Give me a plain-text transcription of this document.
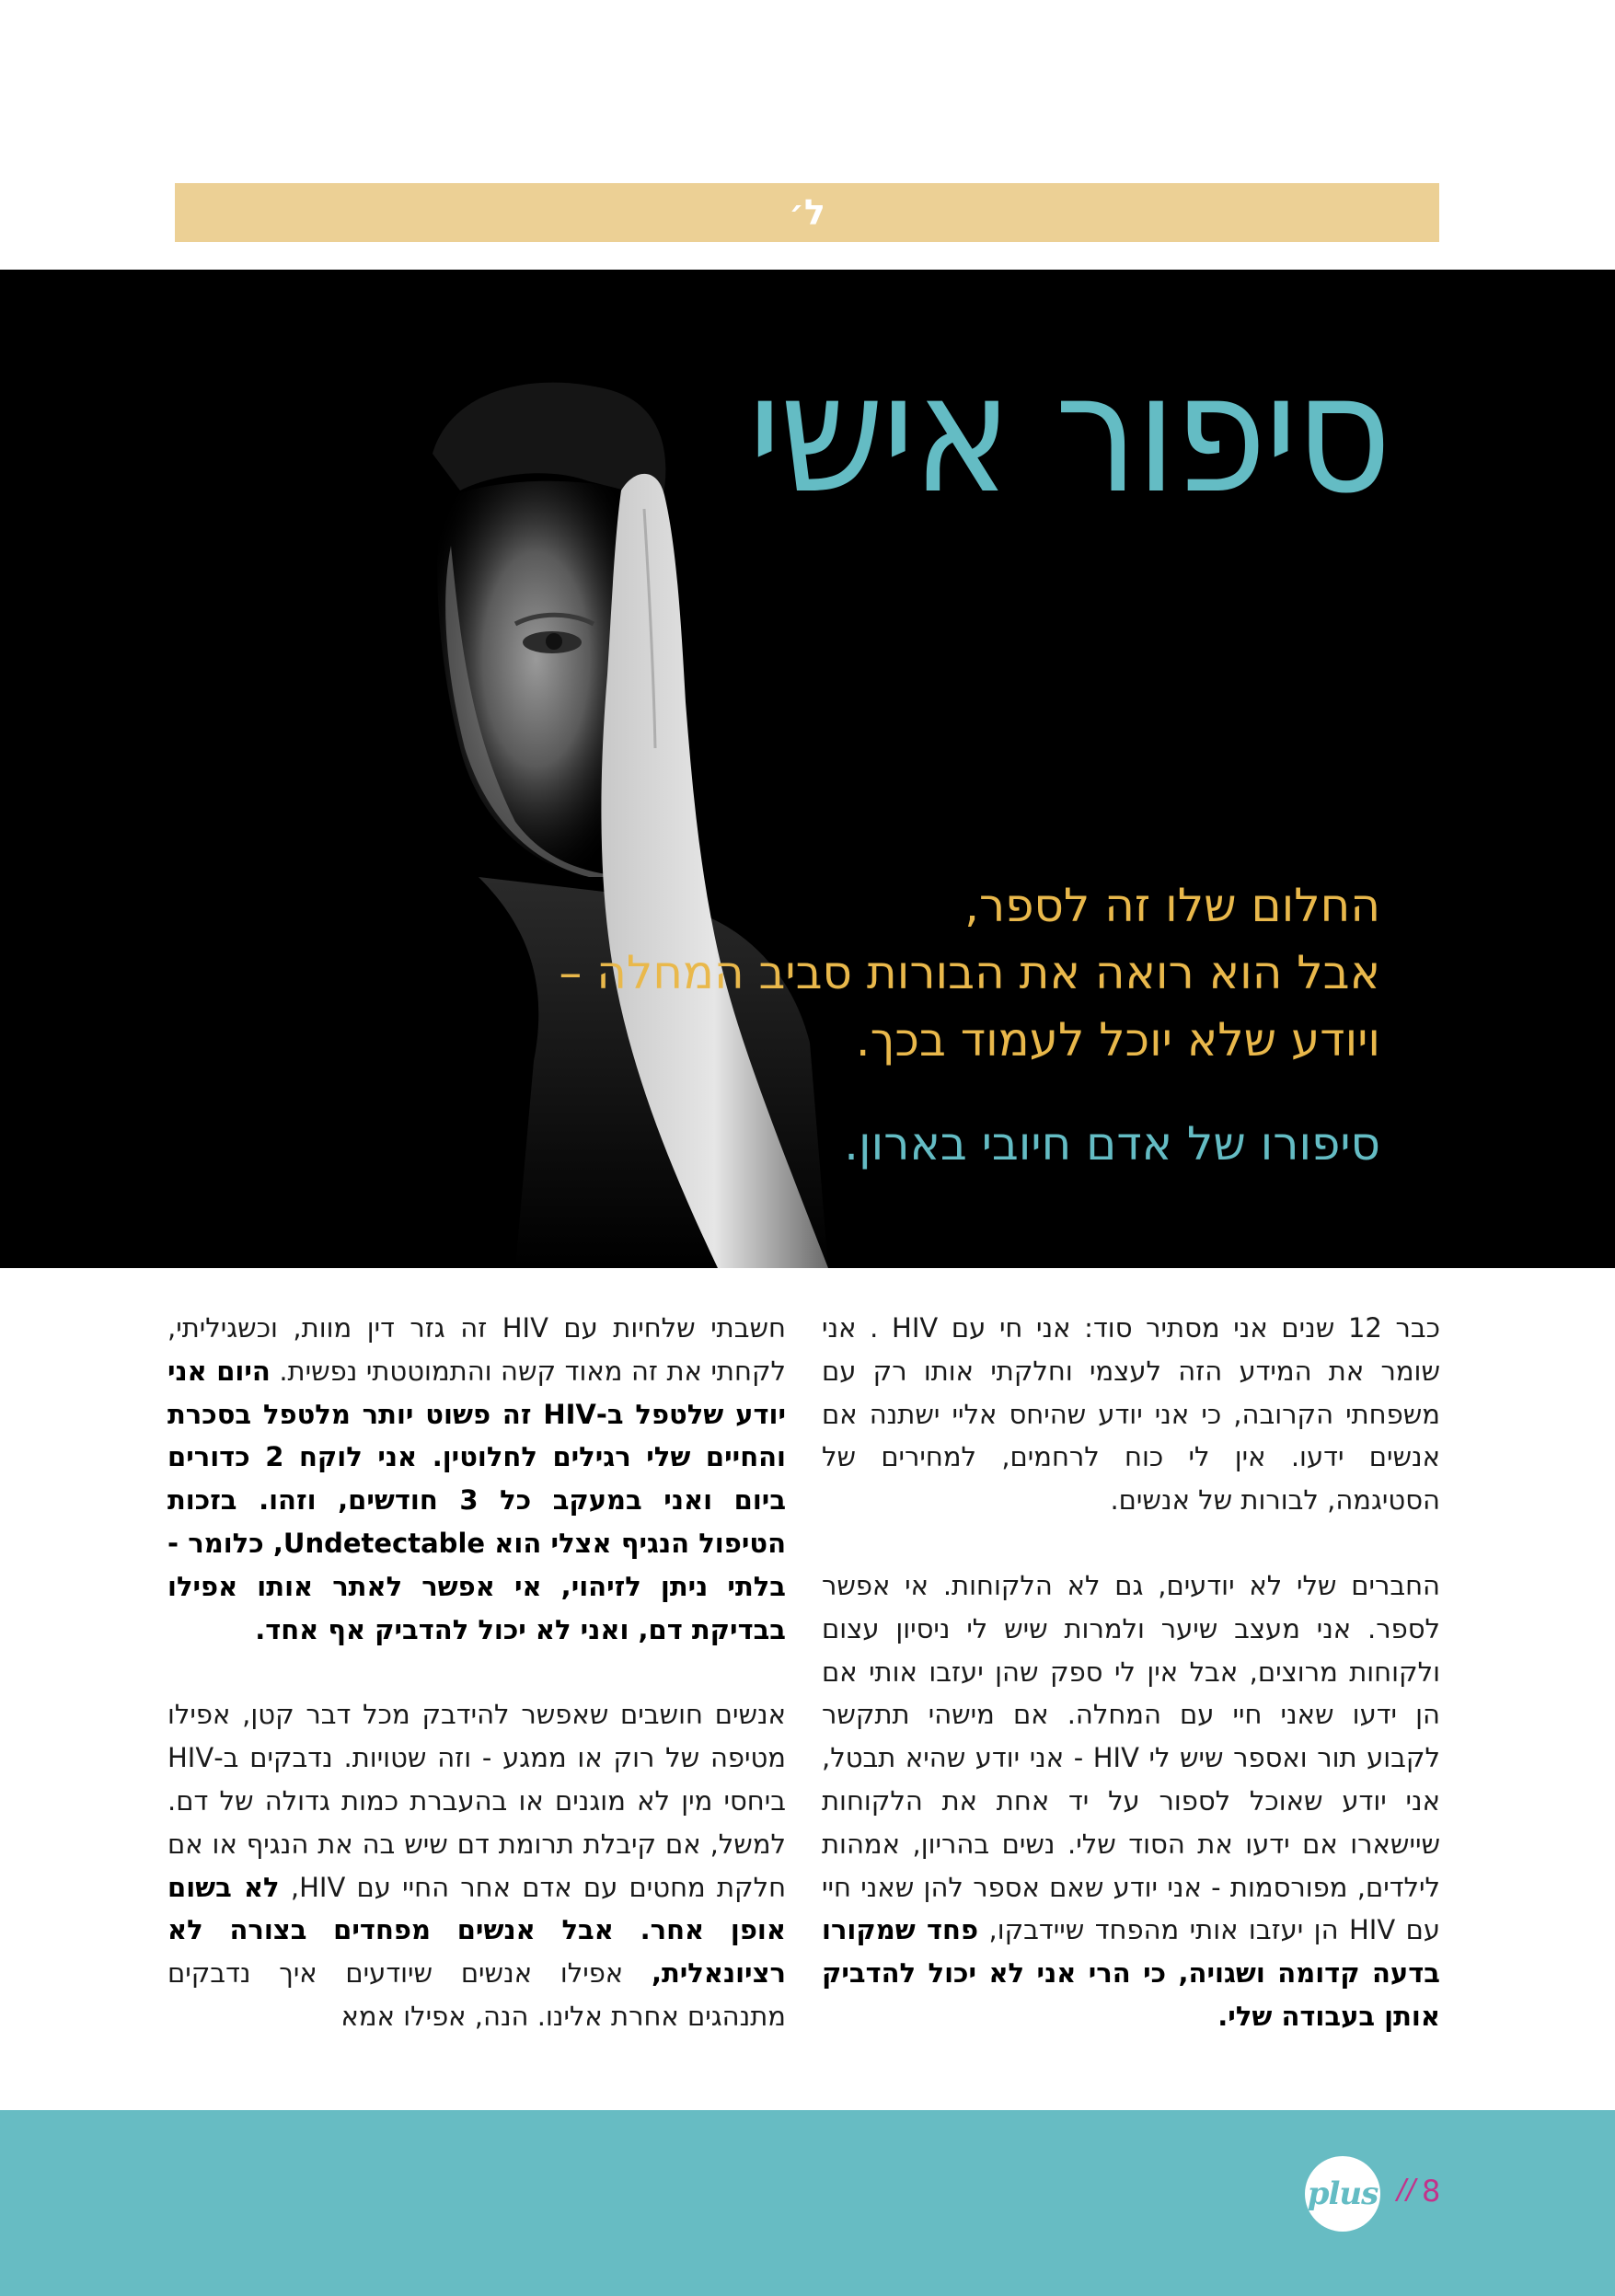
ל׳
סיפור אישי
החלום שלו זה לספר,
אבל הוא רואה את הבורות סביב המחלה –
ויודע שלא יוכל לעמוד בכך.
סיפורו של אדם חיובי בארון.

כבר 12 שנים אני מסתיר סוד: אני חי עם HIV . אני שומר את המידע הזה לעצמי וחלקתי אותו רק עם משפחתי הקרובה, כי אני יודע שהיחס אליי ישתנה אם אנשים ידעו. אין לי כוח לרחמים, למחירים של הסטיגמה, לבורות של אנשים.

החברים שלי לא יודעים, גם לא הלקוחות. אי אפשר לספר. אני מעצב שיער ולמרות שיש לי ניסיון עצום ולקוחות מרוצים, אבל אין לי ספק שהן יעזבו אותי אם הן ידעו שאני חיי עם המחלה. אם מישהי תתקשר לקבוע תור ואספר שיש לי HIV - אני יודע שהיא תבטל, אני יודע שאוכל לספור על יד אחת את הלקוחות שיישארו אם ידעו את הסוד שלי. נשים בהריון, אמהות לילדים, מפורסמות - אני יודע שאם אספר להן שאני חיי עם HIV הן יעזבו אותי מהפחד שיידבקו, פחד שמקורו בדעה קדומה ושגויה, כי הרי אני לא יכול להדביק אותן בעבודה שלי.

חשבתי שלחיות עם HIV זה גזר דין מוות, וכשגיליתי, לקחתי את זה מאוד קשה והתמוטטתי נפשית. היום אני יודע שלטפל ב-HIV זה פשוט יותר מלטפל בסכרת והחיים שלי רגילים לחלוטין. אני לוקח 2 כדורים ביום ואני במעקב כל 3 חודשים, וזהו. בזכות הטיפול הנגיף אצלי הוא Undetectable, כלומר - בלתי ניתן לזיהוי, אי אפשר לאתר אותו אפילו בבדיקת דם, ואני לא יכול להדביק אף אחד.

אנשים חושבים שאפשר להידבק מכל דבר קטן, אפילו מטיפה של רוק או ממגע - וזה שטויות. נדבקים ב-HIV ביחסי מין לא מוגנים או בהעברת כמות גדולה של דם. למשל, אם קיבלת תרומת דם שיש בה את הנגיף או אם חלקת מחטים עם אדם אחר החיי עם HIV, לא בשום אופן אחר. אבל אנשים מפחדים בצורה לא רציונאלית, אפילו אנשים שיודעים איך נדבקים מתנהגים אחרת אלינו. הנה, אפילו אמא

plus // 8
